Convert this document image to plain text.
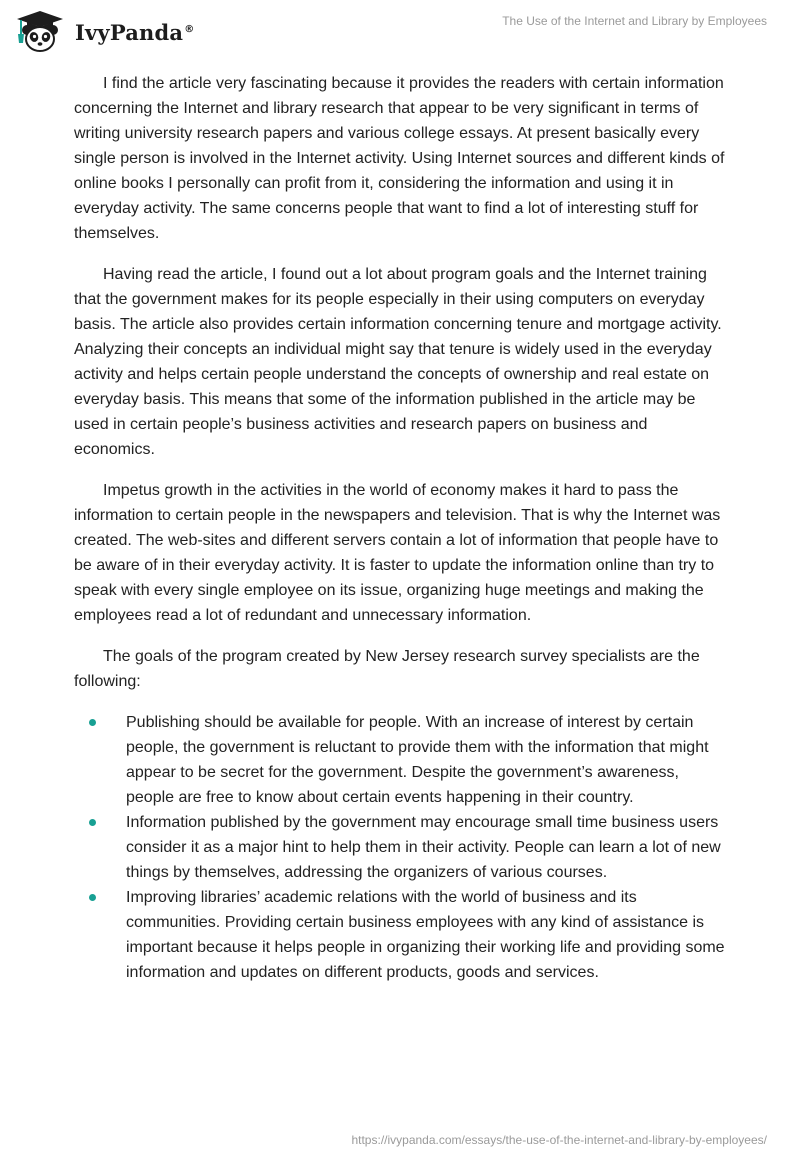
IvyPanda®
The Use of the Internet and Library by Employees

I find the article very fascinating because it provides the readers with certain information concerning the Internet and library research that appear to be very significant in terms of writing university research papers and various college essays. At present basically every single person is involved in the Internet activity. Using Internet sources and different kinds of online books I personally can profit from it, considering the information and using it in everyday activity. The same concerns people that want to find a lot of interesting stuff for themselves.

Having read the article, I found out a lot about program goals and the Internet training that the government makes for its people especially in their using computers on everyday basis. The article also provides certain information concerning tenure and mortgage activity. Analyzing their concepts an individual might say that tenure is widely used in the everyday activity and helps certain people understand the concepts of ownership and real estate on everyday basis. This means that some of the information published in the article may be used in certain people’s business activities and research papers on business and economics.

Impetus growth in the activities in the world of economy makes it hard to pass the information to certain people in the newspapers and television. That is why the Internet was created. The web-sites and different servers contain a lot of information that people have to be aware of in their everyday activity. It is faster to update the information online than try to speak with every single employee on its issue, organizing huge meetings and making the employees read a lot of redundant and unnecessary information.

The goals of the program created by New Jersey research survey specialists are the following:

Publishing should be available for people. With an increase of interest by certain people, the government is reluctant to provide them with the information that might appear to be secret for the government. Despite the government’s awareness, people are free to know about certain events happening in their country.
Information published by the government may encourage small time business users consider it as a major hint to help them in their activity. People can learn a lot of new things by themselves, addressing the organizers of various courses.
Improving libraries’ academic relations with the world of business and its communities. Providing certain business employees with any kind of assistance is important because it helps people in organizing their working life and providing some information and updates on different products, goods and services.
https://ivypanda.com/essays/the-use-of-the-internet-and-library-by-employees/
